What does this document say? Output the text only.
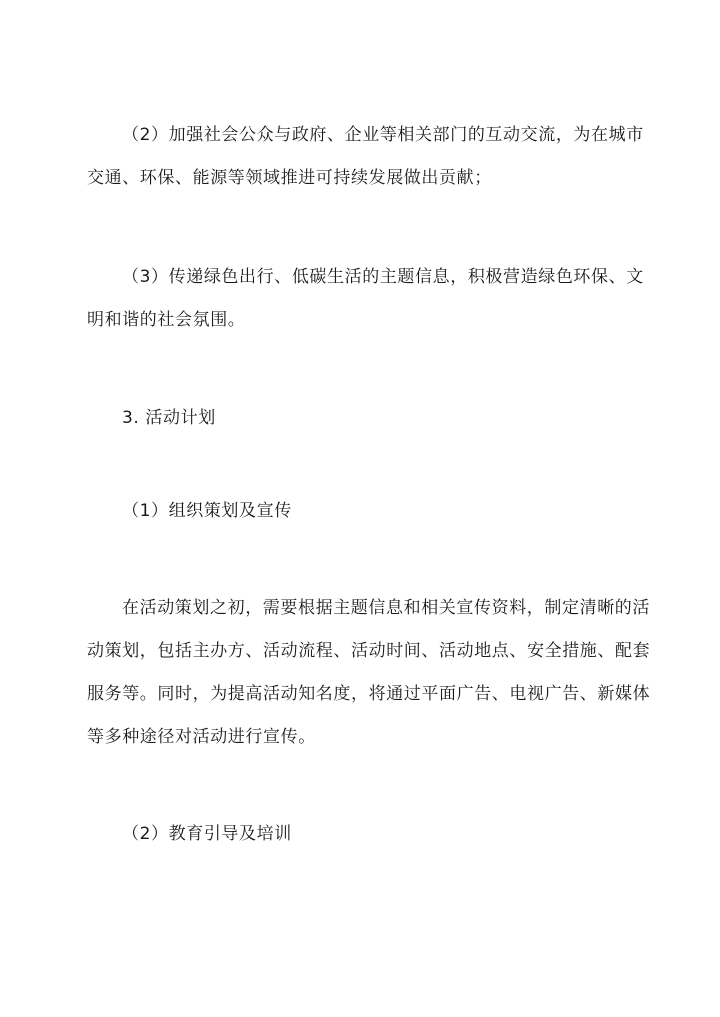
（2）加强社会公众与政府、企业等相关部门的互动交流，为在城市
交通、环保、能源等领域推进可持续发展做出贡献；
（3）传递绿色出行、低碳生活的主题信息，积极营造绿色环保、文
明和谐的社会氛围。
3. 活动计划
（1）组织策划及宣传
在活动策划之初，需要根据主题信息和相关宣传资料，制定清晰的活
动策划，包括主办方、活动流程、活动时间、活动地点、安全措施、配套
服务等。同时，为提高活动知名度，将通过平面广告、电视广告、新媒体
等多种途径对活动进行宣传。
（2）教育引导及培训
